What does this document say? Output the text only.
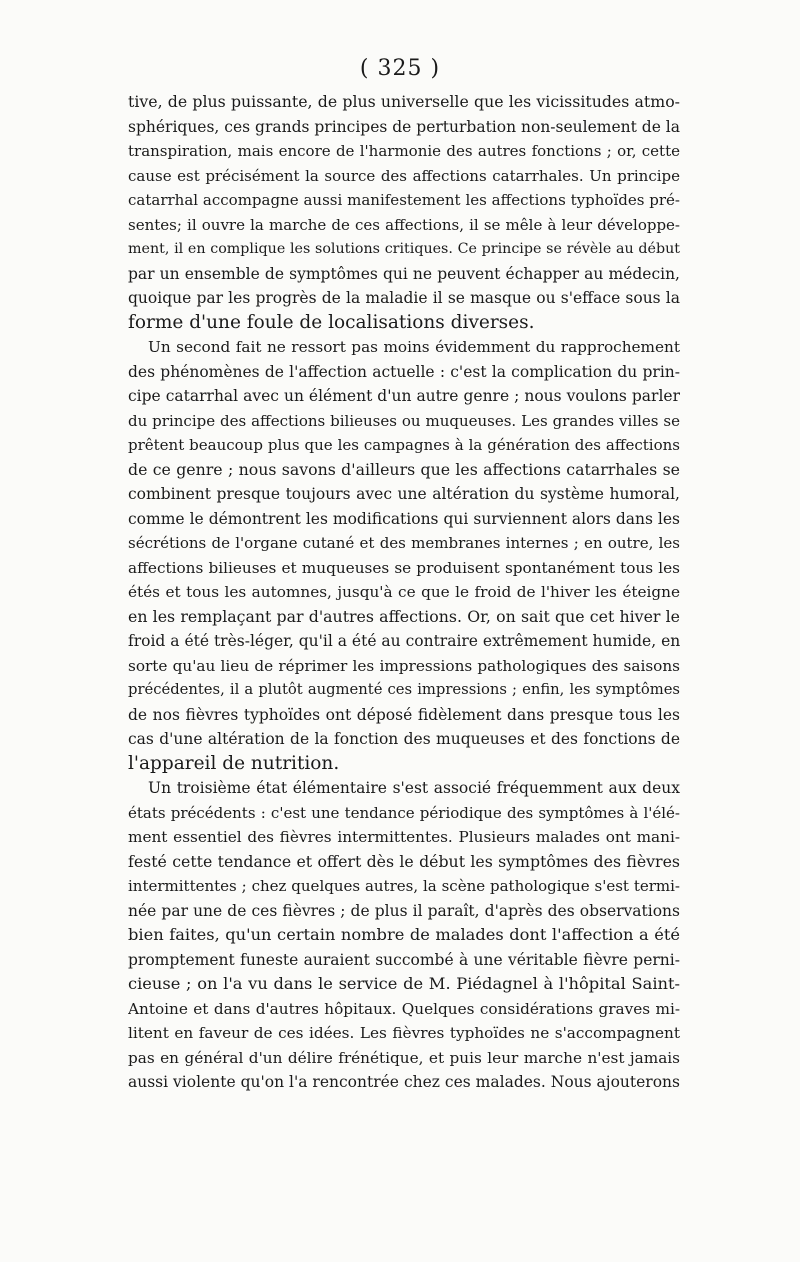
( 325 )
tive, de plus puissante, de plus universelle que les vicissitudes atmo-
sphériques, ces grands principes de perturbation non-seulement de la
transpiration, mais encore de l'harmonie des autres fonctions ; or, cette
cause est précisément la source des affections catarrhales. Un principe
catarrhal accompagne aussi manifestement les affections typhoïdes pré-
sentes; il ouvre la marche de ces affections, il se mêle à leur développe-
ment, il en complique les solutions critiques. Ce principe se révèle au début
par un ensemble de symptômes qui ne peuvent échapper au médecin,
quoique par les progrès de la maladie il se masque ou s'efface sous la
forme d'une foule de localisations diverses.
Un second fait ne ressort pas moins évidemment du rapprochement
des phénomènes de l'affection actuelle : c'est la complication du prin-
cipe catarrhal avec un élément d'un autre genre ; nous voulons parler
du principe des affections bilieuses ou muqueuses. Les grandes villes se
prêtent beaucoup plus que les campagnes à la génération des affections
de ce genre ; nous savons d'ailleurs que les affections catarrhales se
combinent presque toujours avec une altération du système humoral,
comme le démontrent les modifications qui surviennent alors dans les
sécrétions de l'organe cutané et des membranes internes ; en outre, les
affections bilieuses et muqueuses se produisent spontanément tous les
étés et tous les automnes, jusqu'à ce que le froid de l'hiver les éteigne
en les remplaçant par d'autres affections. Or, on sait que cet hiver le
froid a été très-léger, qu'il a été au contraire extrêmement humide, en
sorte qu'au lieu de réprimer les impressions pathologiques des saisons
précédentes, il a plutôt augmenté ces impressions ; enfin, les symptômes
de nos fièvres typhoïdes ont déposé fidèlement dans presque tous les
cas d'une altération de la fonction des muqueuses et des fonctions de
l'appareil de nutrition.
Un troisième état élémentaire s'est associé fréquemment aux deux
états précédents : c'est une tendance périodique des symptômes à l'élé-
ment essentiel des fièvres intermittentes. Plusieurs malades ont mani-
festé cette tendance et offert dès le début les symptômes des fièvres
intermittentes ; chez quelques autres, la scène pathologique s'est termi-
née par une de ces fièvres ; de plus il paraît, d'après des observations
bien faites, qu'un certain nombre de malades dont l'affection a été
promptement funeste auraient succombé à une véritable fièvre perni-
cieuse ; on l'a vu dans le service de M. Piédagnel à l'hôpital Saint-
Antoine et dans d'autres hôpitaux. Quelques considérations graves mi-
litent en faveur de ces idées. Les fièvres typhoïdes ne s'accompagnent
pas en général d'un délire frénétique, et puis leur marche n'est jamais
aussi violente qu'on l'a rencontrée chez ces malades. Nous ajouterons
